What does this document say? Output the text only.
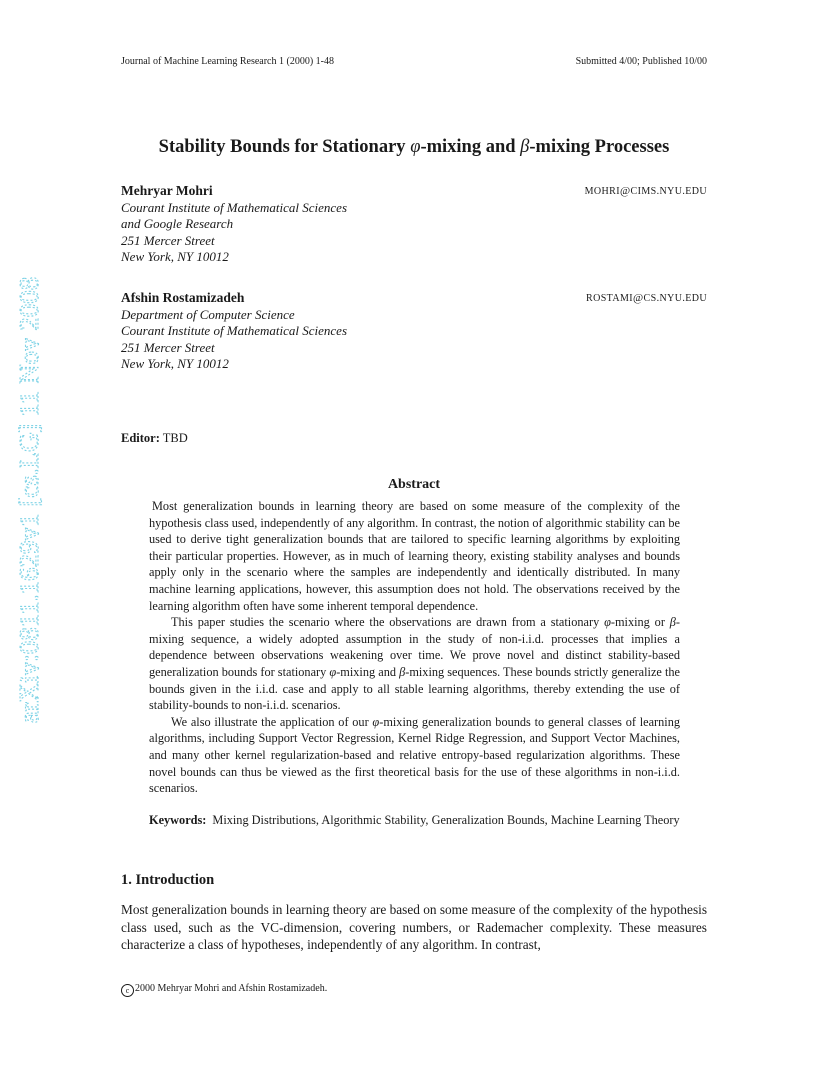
Journal of Machine Learning Research 1 (2000) 1-48	Submitted 4/00; Published 10/00
arXiv:0811.1629v1 [cs.LG] 11 Nov 2008
Stability Bounds for Stationary φ-mixing and β-mixing Processes
Mehryar Mohri	MOHRI@CIMS.NYU.EDU
Courant Institute of Mathematical Sciences
and Google Research
251 Mercer Street
New York, NY 10012
Afshin Rostamizadeh	ROSTAMI@CS.NYU.EDU
Department of Computer Science
Courant Institute of Mathematical Sciences
251 Mercer Street
New York, NY 10012
Editor: TBD
Abstract

Most generalization bounds in learning theory are based on some measure of the complexity of the hypothesis class used, independently of any algorithm. In contrast, the notion of algorithmic stability can be used to derive tight generalization bounds that are tailored to specific learning algorithms by exploiting their particular properties. However, as in much of learning theory, existing stability analyses and bounds apply only in the scenario where the samples are independently and identically distributed. In many machine learning applications, however, this assumption does not hold. The observations received by the learning algorithm often have some inherent temporal dependence.

This paper studies the scenario where the observations are drawn from a stationary φ-mixing or β-mixing sequence, a widely adopted assumption in the study of non-i.i.d. processes that implies a dependence between observations weakening over time. We prove novel and distinct stability-based generalization bounds for stationary φ-mixing and β-mixing sequences. These bounds strictly generalize the bounds given in the i.i.d. case and apply to all stable learning algorithms, thereby extending the use of stability-bounds to non-i.i.d. scenarios.

We also illustrate the application of our φ-mixing generalization bounds to general classes of learning algorithms, including Support Vector Regression, Kernel Ridge Regression, and Support Vector Machines, and many other kernel regularization-based and relative entropy-based regularization algorithms. These novel bounds can thus be viewed as the first theoretical basis for the use of these algorithms in non-i.i.d. scenarios.

Keywords: Mixing Distributions, Algorithmic Stability, Generalization Bounds, Machine Learning Theory
1. Introduction

Most generalization bounds in learning theory are based on some measure of the complexity of the hypothesis class used, such as the VC-dimension, covering numbers, or Rademacher complexity. These measures characterize a class of hypotheses, independently of any algorithm. In contrast,

c 2000 Mehryar Mohri and Afshin Rostamizadeh.
